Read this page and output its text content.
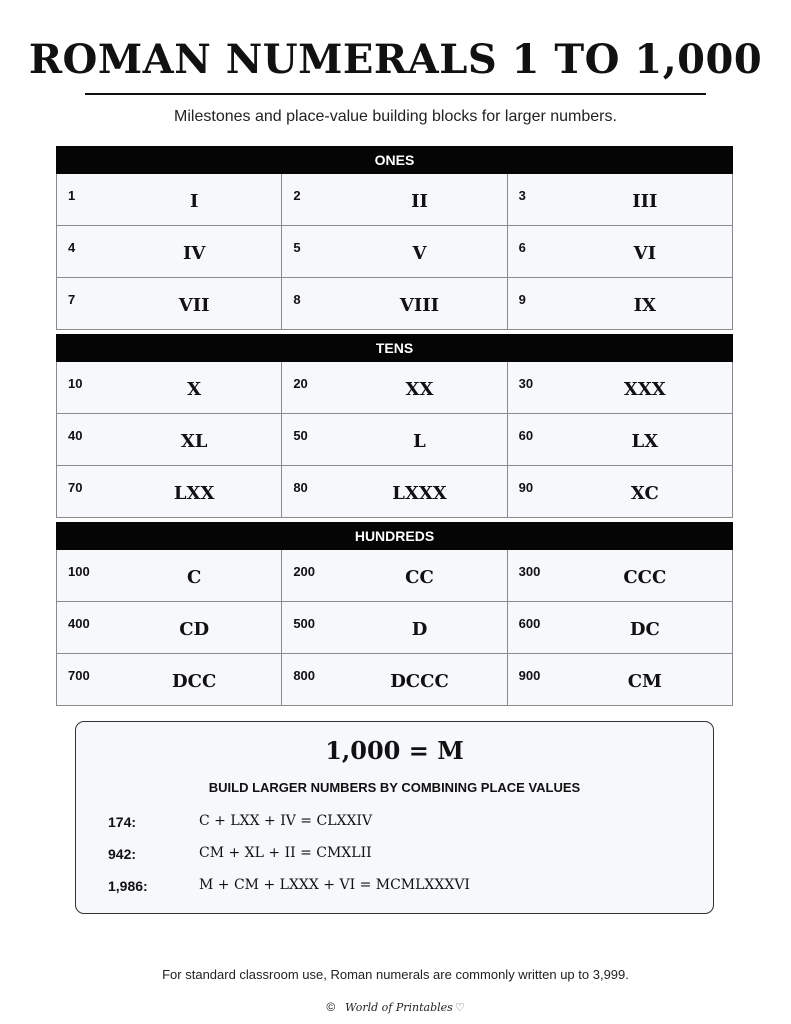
ROMAN NUMERALS 1 TO 1,000
Milestones and place-value building blocks for larger numbers.
ONES
1	I	2	II	3	III
4	IV	5	V	6	VI
7	VII	8	VIII	9	IX
TENS
10	X	20	XX	30	XXX
40	XL	50	L	60	LX
70	LXX	80	LXXX	90	XC
HUNDREDS
100	C	200	CC	300	CCC
400	CD	500	D	600	DC
700	DCC	800	DCCC	900	CM
1,000 = M
BUILD LARGER NUMBERS BY COMBINING PLACE VALUES
174:	C + LXX + IV = CLXXIV
942:	CM + XL + II = CMXLII
1,986:	M + CM + LXXX + VI = MCMLXXXVI
For standard classroom use, Roman numerals are commonly written up to 3,999.
© World of Printables ♡
